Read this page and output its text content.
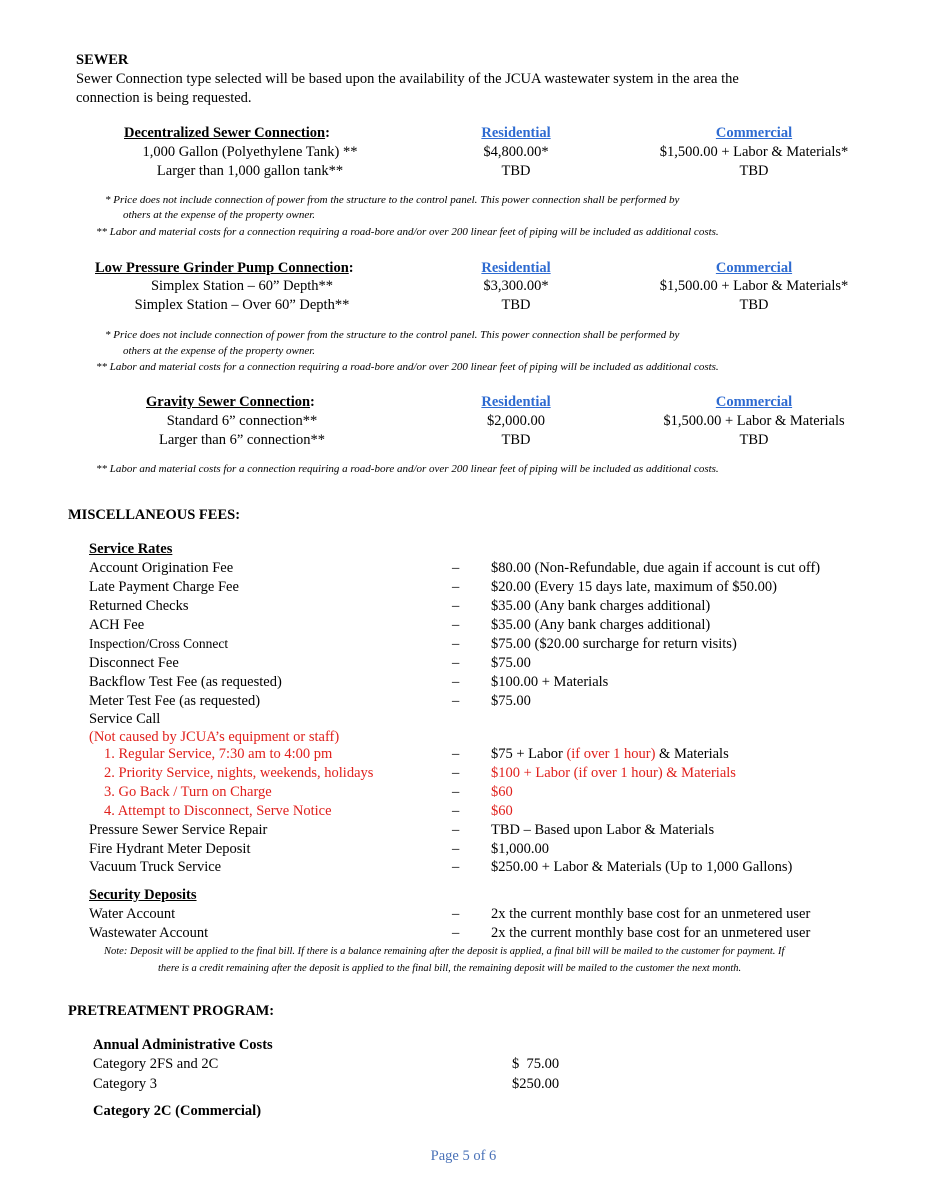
SEWER
Sewer Connection type selected will be based upon the availability of the JCUA wastewater system in the area the
connection is being requested.
Decentralized Sewer Connection:	Residential	Commercial
1,000 Gallon (Polyethylene Tank) **	$4,800.00*	$1,500.00 + Labor & Materials*
Larger than 1,000 gallon tank**	TBD	TBD
* Price does not include connection of power from the structure to the control panel. This power connection shall be performed by
others at the expense of the property owner.
** Labor and material costs for a connection requiring a road-bore and/or over 200 linear feet of piping will be included as additional costs.
Low Pressure Grinder Pump Connection:	Residential	Commercial
Simplex Station – 60” Depth**	$3,300.00*	$1,500.00 + Labor & Materials*
Simplex Station – Over 60” Depth**	TBD	TBD
* Price does not include connection of power from the structure to the control panel. This power connection shall be performed by
others at the expense of the property owner.
** Labor and material costs for a connection requiring a road-bore and/or over 200 linear feet of piping will be included as additional costs.
Gravity Sewer Connection:	Residential	Commercial
Standard 6” connection**	$2,000.00	$1,500.00 + Labor & Materials
Larger than 6” connection**	TBD	TBD
** Labor and material costs for a connection requiring a road-bore and/or over 200 linear feet of piping will be included as additional costs.
MISCELLANEOUS FEES:
Service Rates
Account Origination Fee	– $80.00 (Non-Refundable, due again if account is cut off)
Late Payment Charge Fee	– $20.00 (Every 15 days late, maximum of $50.00)
Returned Checks	– $35.00 (Any bank charges additional)
ACH Fee	– $35.00 (Any bank charges additional)
Inspection/Cross Connect	– $75.00 ($20.00 surcharge for return visits)
Disconnect Fee	– $75.00
Backflow Test Fee (as requested)	– $100.00 + Materials
Meter Test Fee (as requested)	– $75.00
Service Call
(Not caused by JCUA’s equipment or staff)
1. Regular Service, 7:30 am to 4:00 pm	– $75 + Labor (if over 1 hour) & Materials
2. Priority Service, nights, weekends, holidays	– $100 + Labor (if over 1 hour) & Materials
3. Go Back / Turn on Charge	– $60
4. Attempt to Disconnect, Serve Notice	– $60
Pressure Sewer Service Repair	– TBD – Based upon Labor & Materials
Fire Hydrant Meter Deposit	– $1,000.00
Vacuum Truck Service	– $250.00 + Labor & Materials (Up to 1,000 Gallons)
Security Deposits
Water Account	– 2x the current monthly base cost for an unmetered user
Wastewater Account	– 2x the current monthly base cost for an unmetered user
Note: Deposit will be applied to the final bill. If there is a balance remaining after the deposit is applied, a final bill will be mailed to the customer for payment. If
there is a credit remaining after the deposit is applied to the final bill, the remaining deposit will be mailed to the customer the next month.
PRETREATMENT PROGRAM:
Annual Administrative Costs
Category 2FS and 2C	$  75.00
Category 3	$250.00
Category 2C (Commercial)
Page 5 of 6
